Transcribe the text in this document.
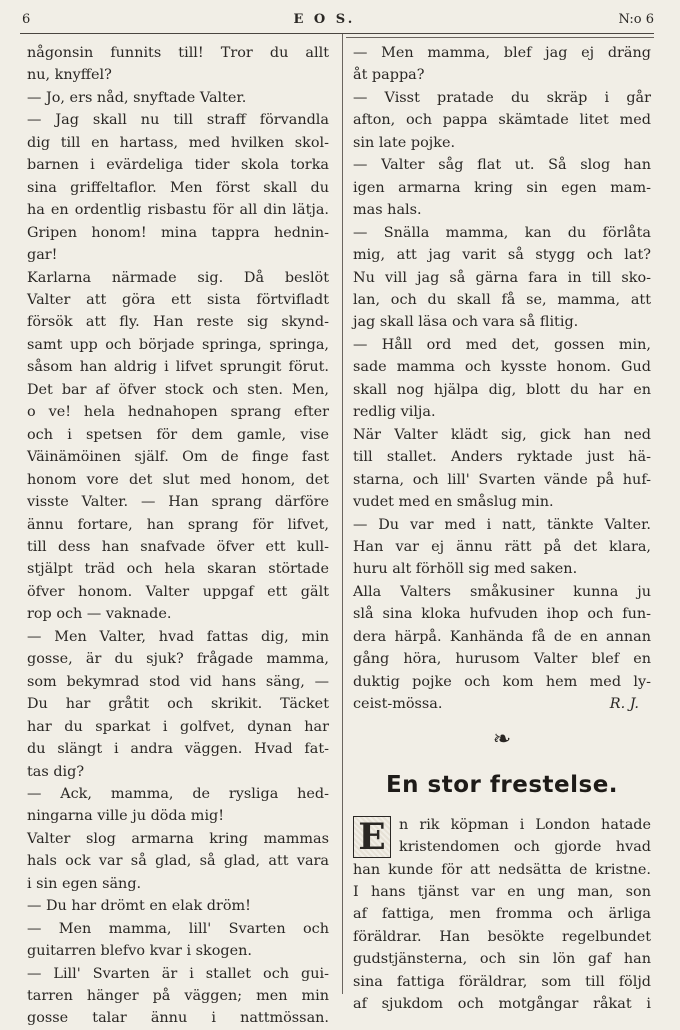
6	E O S.	N:o 6

någonsin funnits till! Tror du allt

nu, knyffel?

— Jo, ers nåd, snyftade Valter.

— Jag skall nu till straff förvandla

dig till en hartass, med hvilken skol-

barnen i evärdeliga tider skola torka

sina griffeltaflor. Men först skall du

ha en ordentlig risbastu för all din lätja.

Gripen honom! mina tappra hednin-

gar!

Karlarna närmade sig. Då beslöt

Valter att göra ett sista förtvifladt

försök att fly. Han reste sig skynd-

samt upp och började springa, springa,

såsom han aldrig i lifvet sprungit förut.

Det bar af öfver stock och sten. Men,

o ve! hela hednahopen sprang efter

och i spetsen för dem gamle, vise

Väinämöinen själf. Om de finge fast

honom vore det slut med honom, det

visste Valter. — Han sprang därföre

ännu fortare, han sprang för lifvet,

till dess han snafvade öfver ett kull-

stjälpt träd och hela skaran störtade

öfver honom. Valter uppgaf ett gält

rop och — vaknade.

— Men Valter, hvad fattas dig, min

gosse, är du sjuk? frågade mamma,

som bekymrad stod vid hans säng, —

Du har gråtit och skrikit. Täcket

har du sparkat i golfvet, dynan har

du slängt i andra väggen. Hvad fat-

tas dig?

— Ack, mamma, de rysliga hed-

ningarna ville ju döda mig!

Valter slog armarna kring mammas

hals ock var så glad, så glad, att vara

i sin egen säng.

— Du har drömt en elak dröm!

— Men mamma, lill' Svarten och

guitarren blefvo kvar i skogen.

— Lill' Svarten är i stallet och gui-

tarren hänger på väggen; men min

gosse talar ännu i nattmössan.

— Men mamma, blef jag ej dräng

åt pappa?

— Visst pratade du skräp i går

afton, och pappa skämtade litet med

sin late pojke.

— Valter såg flat ut. Så slog han

igen armarna kring sin egen mam-

mas hals.

— Snälla mamma, kan du förlåta

mig, att jag varit så stygg och lat?

Nu vill jag så gärna fara in till sko-

lan, och du skall få se, mamma, att

jag skall läsa och vara så flitig.

— Håll ord med det, gossen min,

sade mamma och kysste honom. Gud

skall nog hjälpa dig, blott du har en

redlig vilja.

När Valter klädt sig, gick han ned

till stallet. Anders ryktade just hä-

starna, och lill' Svarten vände på huf-

vudet med en småslug min.

— Du var med i natt, tänkte Valter.

Han var ej ännu rätt på det klara,

huru alt förhöll sig med saken.

Alla Valters småkusiner kunna ju

slå sina kloka hufvuden ihop och fun-

dera härpå. Kanhända få de en annan

gång höra, hurusom Valter blef en

duktig pojke och kom hem med ly-

ceist-mössa.	R. J.
❧
En stor frestelse.
E n rik köpman i London hatade

kristendomen och gjorde hvad

han kunde för att nedsätta de kristne.

I hans tjänst var en ung man, son

af fattiga, men fromma och ärliga

föräldrar. Han besökte regelbundet

gudstjänsterna, och sin lön gaf han

sina fattiga föräldrar, som till följd

af sjukdom och motgångar råkat i
